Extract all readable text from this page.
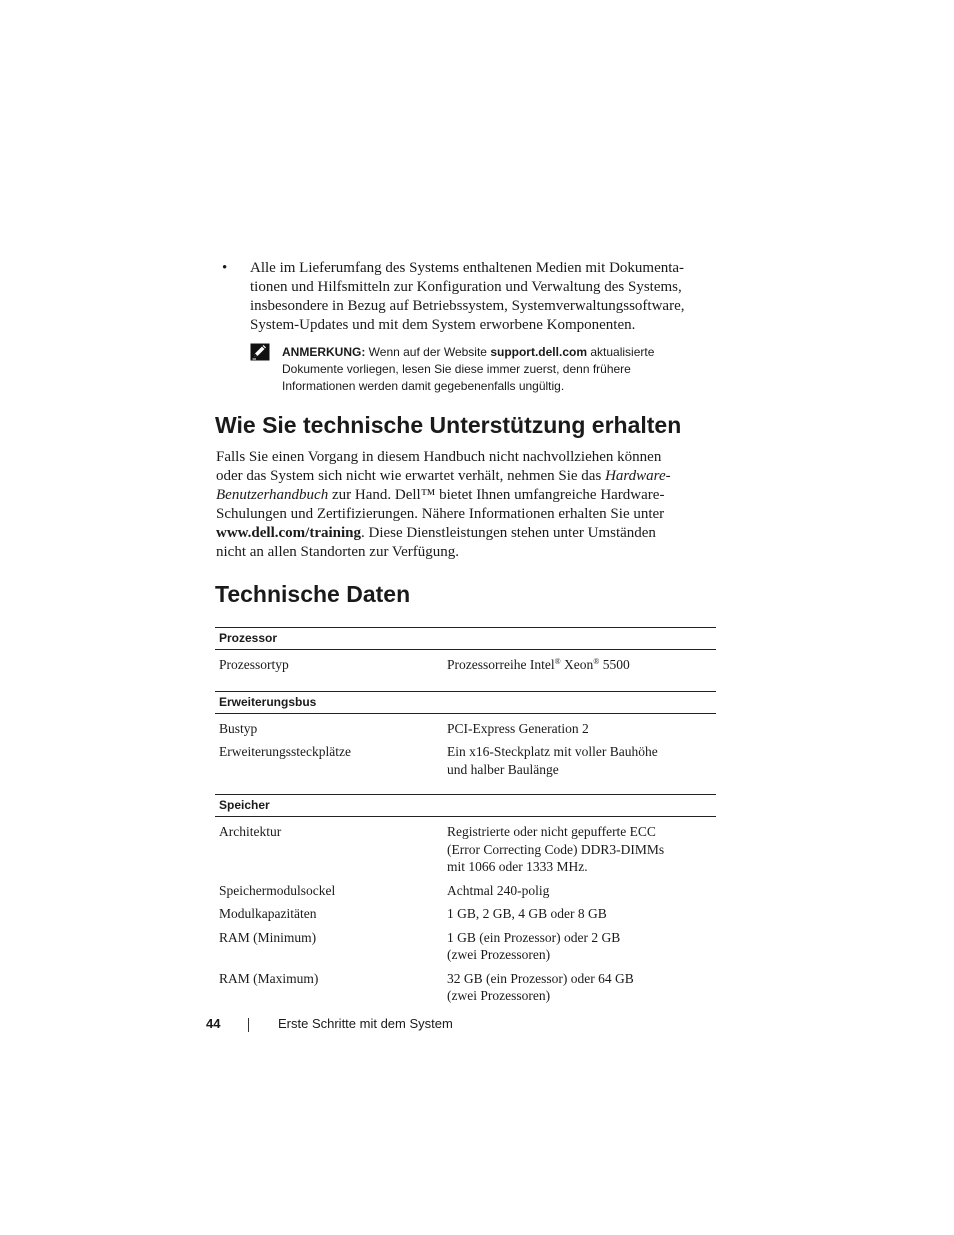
• Alle im Lieferumfang des Systems enthaltenen Medien mit Dokumenta-
tionen und Hilfsmitteln zur Konfiguration und Verwaltung des Systems,
insbesondere in Bezug auf Betriebssystem, Systemverwaltungssoftware,
System-Updates und mit dem System erworbene Komponenten.
ANMERKUNG: Wenn auf der Website support.dell.com aktualisierte
Dokumente vorliegen, lesen Sie diese immer zuerst, denn frühere
Informationen werden damit gegebenenfalls ungültig.
Wie Sie technische Unterstützung erhalten
Falls Sie einen Vorgang in diesem Handbuch nicht nachvollziehen können
oder das System sich nicht wie erwartet verhält, nehmen Sie das Hardware-
Benutzerhandbuch zur Hand. Dell™ bietet Ihnen umfangreiche Hardware-
Schulungen und Zertifizierungen. Nähere Informationen erhalten Sie unter
www.dell.com/training. Diese Dienstleistungen stehen unter Umständen
nicht an allen Standorten zur Verfügung.
Technische Daten
Prozessor
Prozessortyp	Prozessorreihe Intel® Xeon® 5500
Erweiterungsbus
Bustyp	PCI-Express Generation 2
Erweiterungssteckplätze	Ein x16-Steckplatz mit voller Bauhöhe
und halber Baulänge
Speicher
Architektur	Registrierte oder nicht gepufferte ECC
(Error Correcting Code) DDR3-DIMMs
mit 1066 oder 1333 MHz.
Speichermodulsockel	Achtmal 240-polig
Modulkapazitäten	1 GB, 2 GB, 4 GB oder 8 GB
RAM (Minimum)	1 GB (ein Prozessor) oder 2 GB
(zwei Prozessoren)
RAM (Maximum)	32 GB (ein Prozessor) oder 64 GB
(zwei Prozessoren)
44	Erste Schritte mit dem System
